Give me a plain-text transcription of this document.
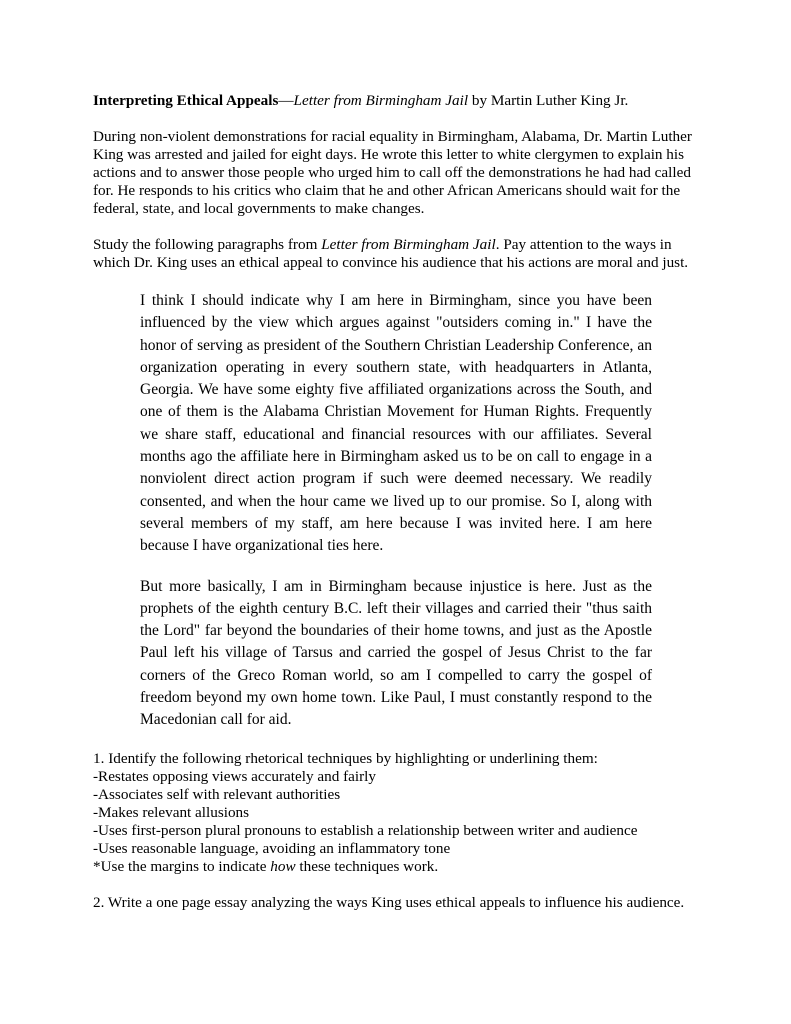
Interpreting Ethical Appeals—Letter from Birmingham Jail by Martin Luther King Jr.

During non-violent demonstrations for racial equality in Birmingham, Alabama, Dr. Martin Luther King was arrested and jailed for eight days. He wrote this letter to white clergymen to explain his actions and to answer those people who urged him to call off the demonstrations he had had called for. He responds to his critics who claim that he and other African Americans should wait for the federal, state, and local governments to make changes.

Study the following paragraphs from Letter from Birmingham Jail. Pay attention to the ways in which Dr. King uses an ethical appeal to convince his audience that his actions are moral and just.

I think I should indicate why I am here in Birmingham, since you have been influenced by the view which argues against "outsiders coming in." I have the honor of serving as president of the Southern Christian Leadership Conference, an organization operating in every southern state, with headquarters in Atlanta, Georgia. We have some eighty five affiliated organizations across the South, and one of them is the Alabama Christian Movement for Human Rights. Frequently we share staff, educational and financial resources with our affiliates. Several months ago the affiliate here in Birmingham asked us to be on call to engage in a nonviolent direct action program if such were deemed necessary. We readily consented, and when the hour came we lived up to our promise. So I, along with several members of my staff, am here because I was invited here. I am here because I have organizational ties here.

But more basically, I am in Birmingham because injustice is here. Just as the prophets of the eighth century B.C. left their villages and carried their "thus saith the Lord" far beyond the boundaries of their home towns, and just as the Apostle Paul left his village of Tarsus and carried the gospel of Jesus Christ to the far corners of the Greco Roman world, so am I compelled to carry the gospel of freedom beyond my own home town. Like Paul, I must constantly respond to the Macedonian call for aid.

1. Identify the following rhetorical techniques by highlighting or underlining them:

-Restates opposing views accurately and fairly

-Associates self with relevant authorities

-Makes relevant allusions

-Uses first-person plural pronouns to establish a relationship between writer and audience

-Uses reasonable language, avoiding an inflammatory tone

*Use the margins to indicate how these techniques work.

2. Write a one page essay analyzing the ways King uses ethical appeals to influence his audience.
